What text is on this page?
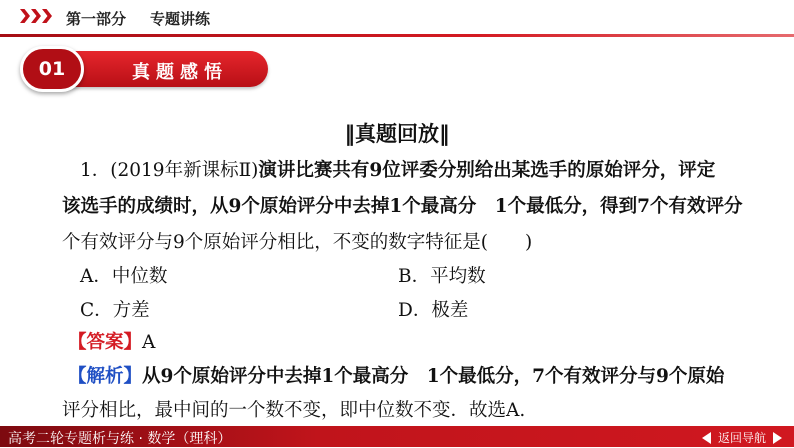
第一部分 专题讲练
01	真题感悟
‖真题回放‖
1．(2019年新课标Ⅱ)演讲比赛共有9位评委分别给出某选手的原始评分，评定
该选手的成绩时，从9个原始评分中去掉1个最高分　1个最低分，得到7个有效评分
个有效评分与9个原始评分相比，不变的数字特征是(　　)
A．中位数	B．平均数
C．方差	D．极差
【答案】A
【解析】从9个原始评分中去掉1个最高分　1个最低分，7个有效评分与9个原始
评分相比，最中间的一个数不变，即中位数不变．故选A.
高考二轮专题析与练 · 数学（理科）	返回导航
